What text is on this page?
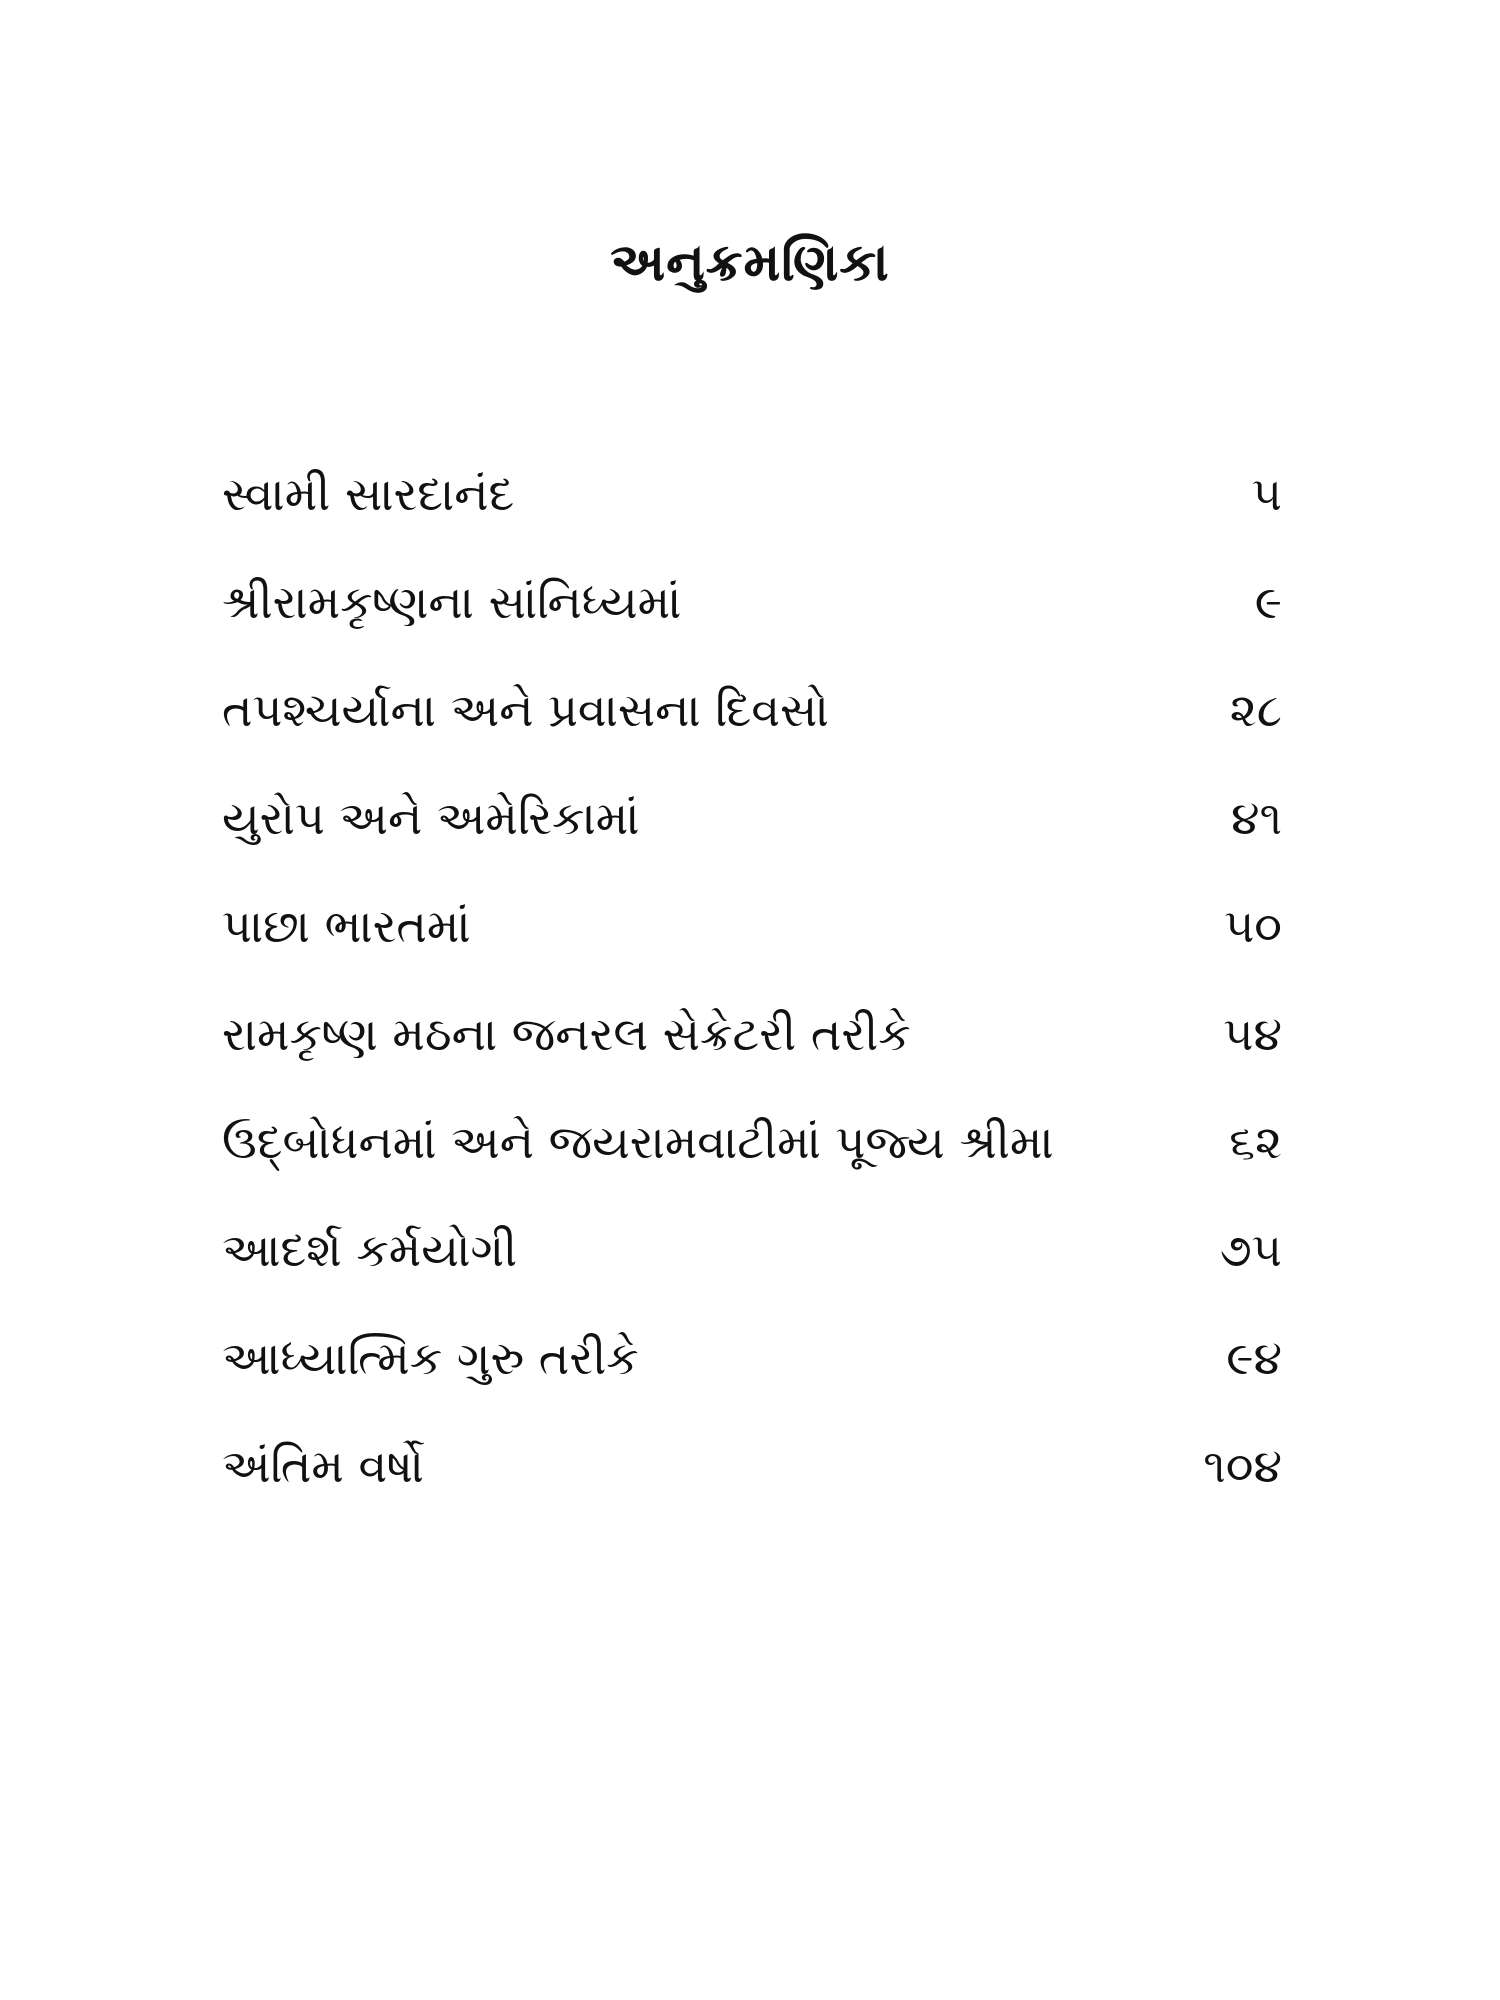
અનુક્રમણિકા
સ્વામી સારદાનંદ	૫
શ્રીરામકૃષ્ણના સાંનિધ્યમાં	૯
તપશ્ચર્યાના અને પ્રવાસના દિવસો	૨૮
યુરોપ અને અમેરિકામાં	૪૧
પાછા ભારતમાં	૫૦
રામકૃષ્ણ મઠના જનરલ સેક્રેટરી તરીકે	૫૪
ઉદ્‌બોધનમાં અને જયરામવાટીમાં પૂજ્ય શ્રીમા	૬૨
આદર્શ કર્મયોગી	૭૫
આધ્યાત્મિક ગુરુ તરીકે	૯૪
અંતિમ વર્ષો	૧૦૪
